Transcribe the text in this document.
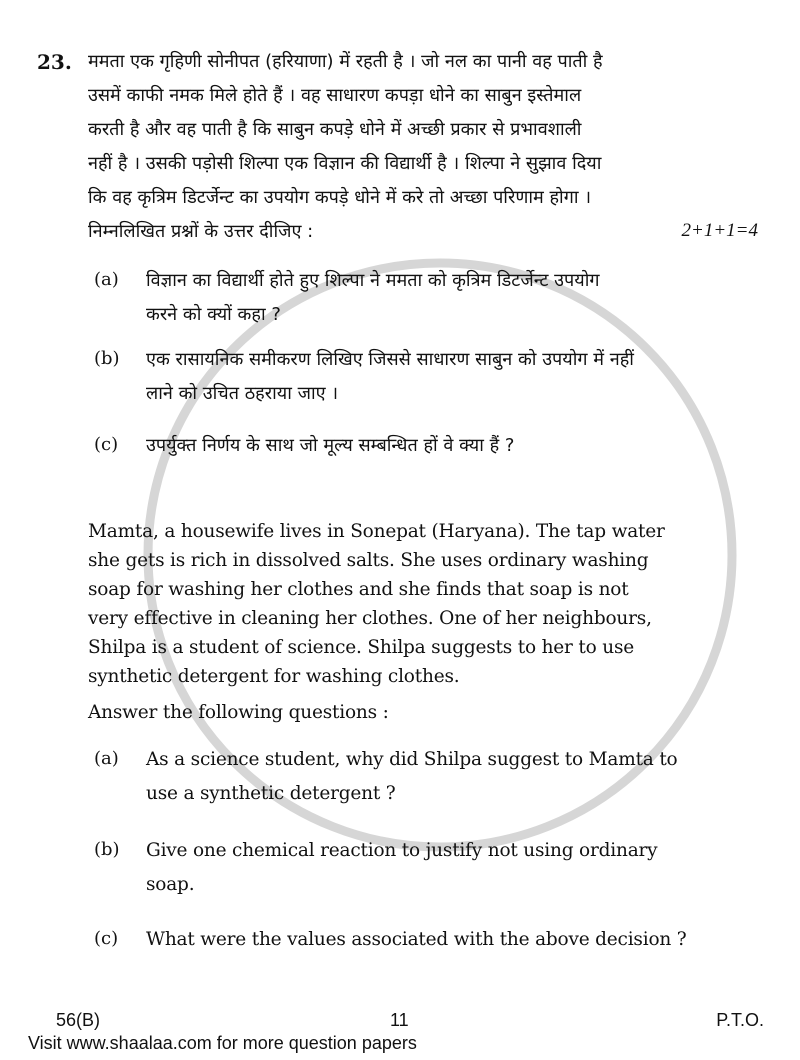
23. ममता एक गृहिणी सोनीपत (हरियाणा) में रहती है । जो नल का पानी वह पाती है
उसमें काफी नमक मिले होते हैं । वह साधारण कपड़ा धोने का साबुन इस्तेमाल
करती है और वह पाती है कि साबुन कपड़े धोने में अच्छी प्रकार से प्रभावशाली
नहीं है । उसकी पड़ोसी शिल्पा एक विज्ञान की विद्यार्थी है । शिल्पा ने सुझाव दिया
कि वह कृत्रिम डिटर्जेन्ट का उपयोग कपड़े धोने में करे तो अच्छा परिणाम होगा ।
निम्नलिखित प्रश्नों के उत्तर दीजिए :	2+1+1=4
(a) विज्ञान का विद्यार्थी होते हुए शिल्पा ने ममता को कृत्रिम डिटर्जेन्ट उपयोग
करने को क्यों कहा ?
(b) एक रासायनिक समीकरण लिखिए जिससे साधारण साबुन को उपयोग में नहीं
लाने को उचित ठहराया जाए ।
(c) उपर्युक्त निर्णय के साथ जो मूल्य सम्बन्धित हों वे क्या हैं ?
Mamta, a housewife lives in Sonepat (Haryana). The tap water
she gets is rich in dissolved salts. She uses ordinary washing
soap for washing her clothes and she finds that soap is not
very effective in cleaning her clothes. One of her neighbours,
Shilpa is a student of science. Shilpa suggests to her to use
synthetic detergent for washing clothes.
Answer the following questions :
(a) As a science student, why did Shilpa suggest to Mamta to
use a synthetic detergent ?
(b) Give one chemical reaction to justify not using ordinary
soap.
(c) What were the values associated with the above decision ?
56(B)	11	P.T.O.
Visit www.shaalaa.com for more question papers
